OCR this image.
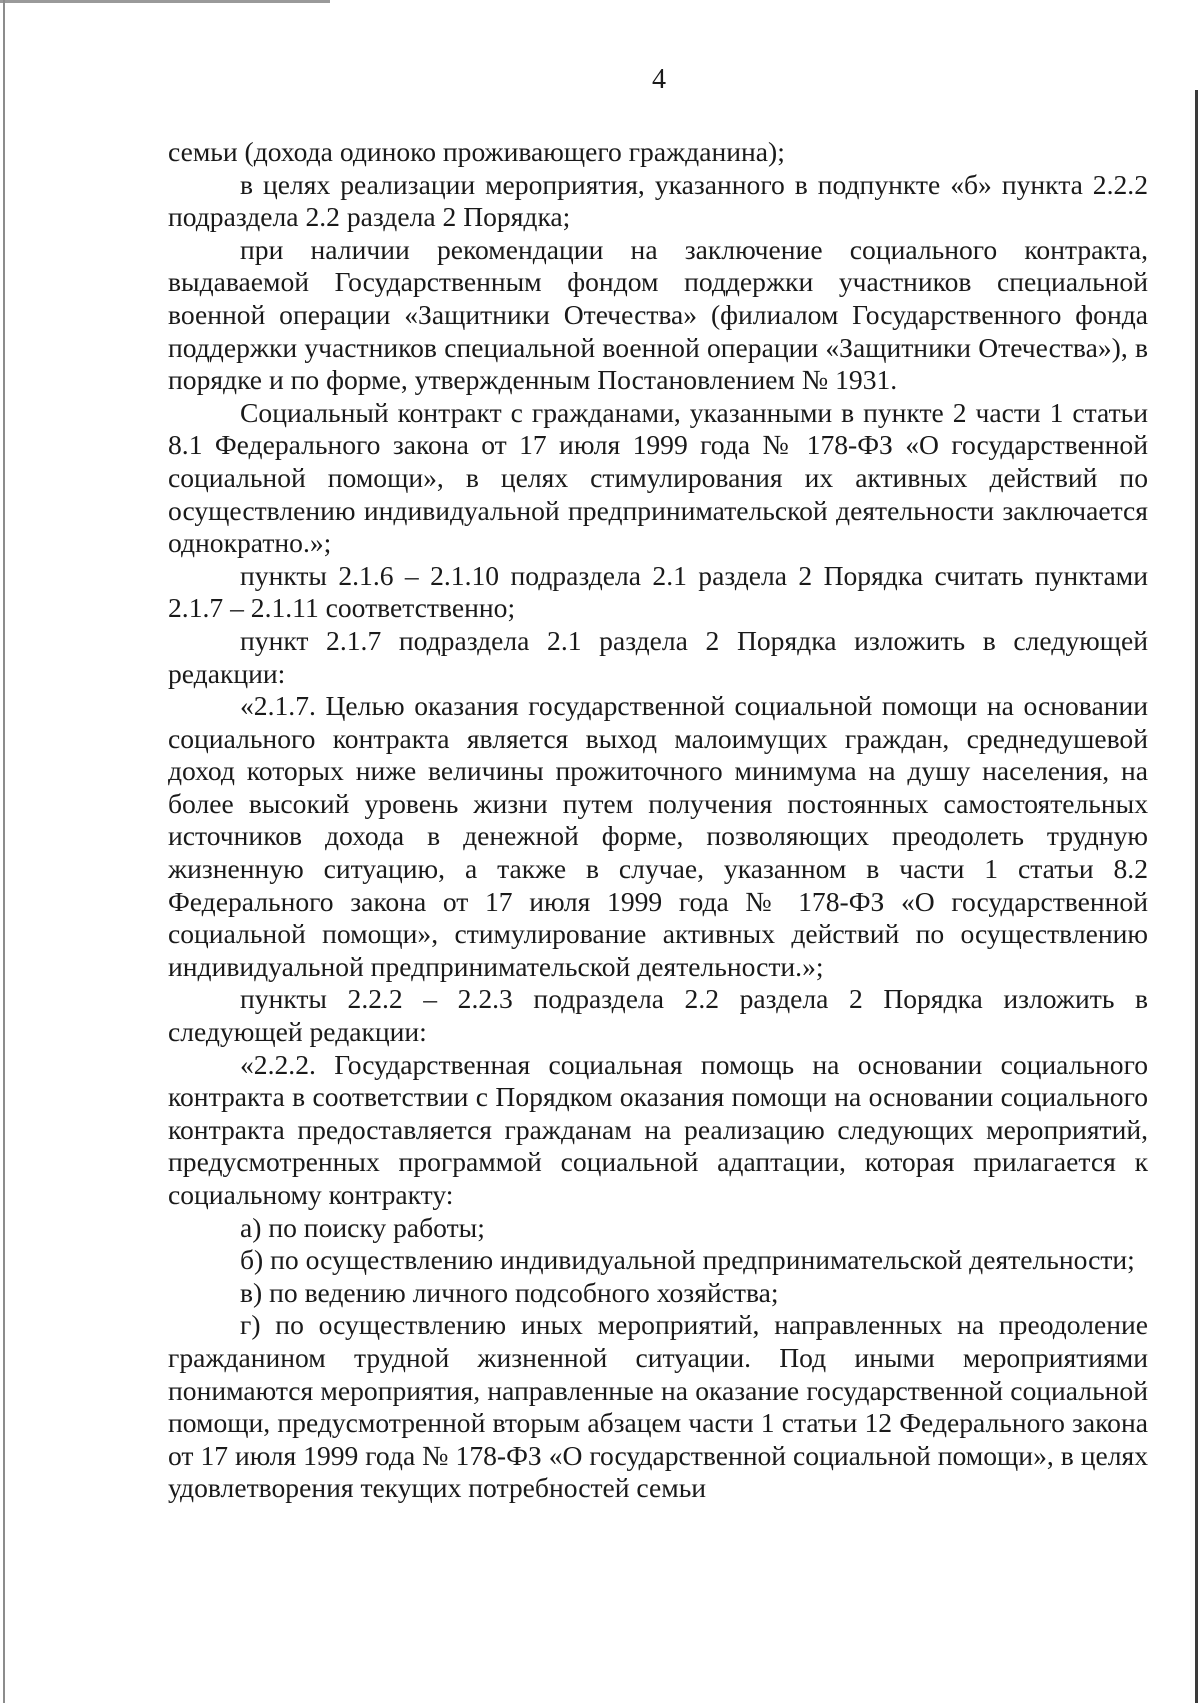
4

семьи (дохода одиноко проживающего гражданина);

в целях реализации мероприятия, указанного в подпункте «б» пункта 2.2.2 подраздела 2.2 раздела 2 Порядка;

при наличии рекомендации на заключение социального контракта, выдаваемой Государственным фондом поддержки участников специальной военной операции «Защитники Отечества» (филиалом Государственного фонда поддержки участников специальной военной операции «Защитники Отечества»), в порядке и по форме, утвержденным Постановлением № 1931.

Социальный контракт с гражданами, указанными в пункте 2 части 1 статьи 8.1 Федерального закона от 17 июля 1999 года № 178-ФЗ «О государственной социальной помощи», в целях стимулирования их активных действий по осуществлению индивидуальной предпринимательской деятельности заключается однократно.»;

пункты 2.1.6 – 2.1.10 подраздела 2.1 раздела 2 Порядка считать пунктами 2.1.7 – 2.1.11 соответственно;

пункт 2.1.7 подраздела 2.1 раздела 2 Порядка изложить в следующей редакции:

«2.1.7. Целью оказания государственной социальной помощи на основании социального контракта является выход малоимущих граждан, среднедушевой доход которых ниже величины прожиточного минимума на душу населения, на более высокий уровень жизни путем получения постоянных самостоятельных источников дохода в денежной форме, позволяющих преодолеть трудную жизненную ситуацию, а также в случае, указанном в части 1 статьи 8.2 Федерального закона от 17 июля 1999 года № 178-ФЗ «О государственной социальной помощи», стимулирование активных действий по осуществлению индивидуальной предпринимательской деятельности.»;

пункты 2.2.2 – 2.2.3 подраздела 2.2 раздела 2 Порядка изложить в следующей редакции:

«2.2.2. Государственная социальная помощь на основании социального контракта в соответствии с Порядком оказания помощи на основании социального контракта предоставляется гражданам на реализацию следующих мероприятий, предусмотренных программой социальной адаптации, которая прилагается к социальному контракту:

а) по поиску работы;

б) по осуществлению индивидуальной предпринимательской деятельности;

в) по ведению личного подсобного хозяйства;

г) по осуществлению иных мероприятий, направленных на преодоление гражданином трудной жизненной ситуации. Под иными мероприятиями понимаются мероприятия, направленные на оказание государственной социальной помощи, предусмотренной вторым абзацем части 1 статьи 12 Федерального закона от 17 июля 1999 года № 178-ФЗ «О государственной социальной помощи», в целях удовлетворения текущих потребностей семьи
